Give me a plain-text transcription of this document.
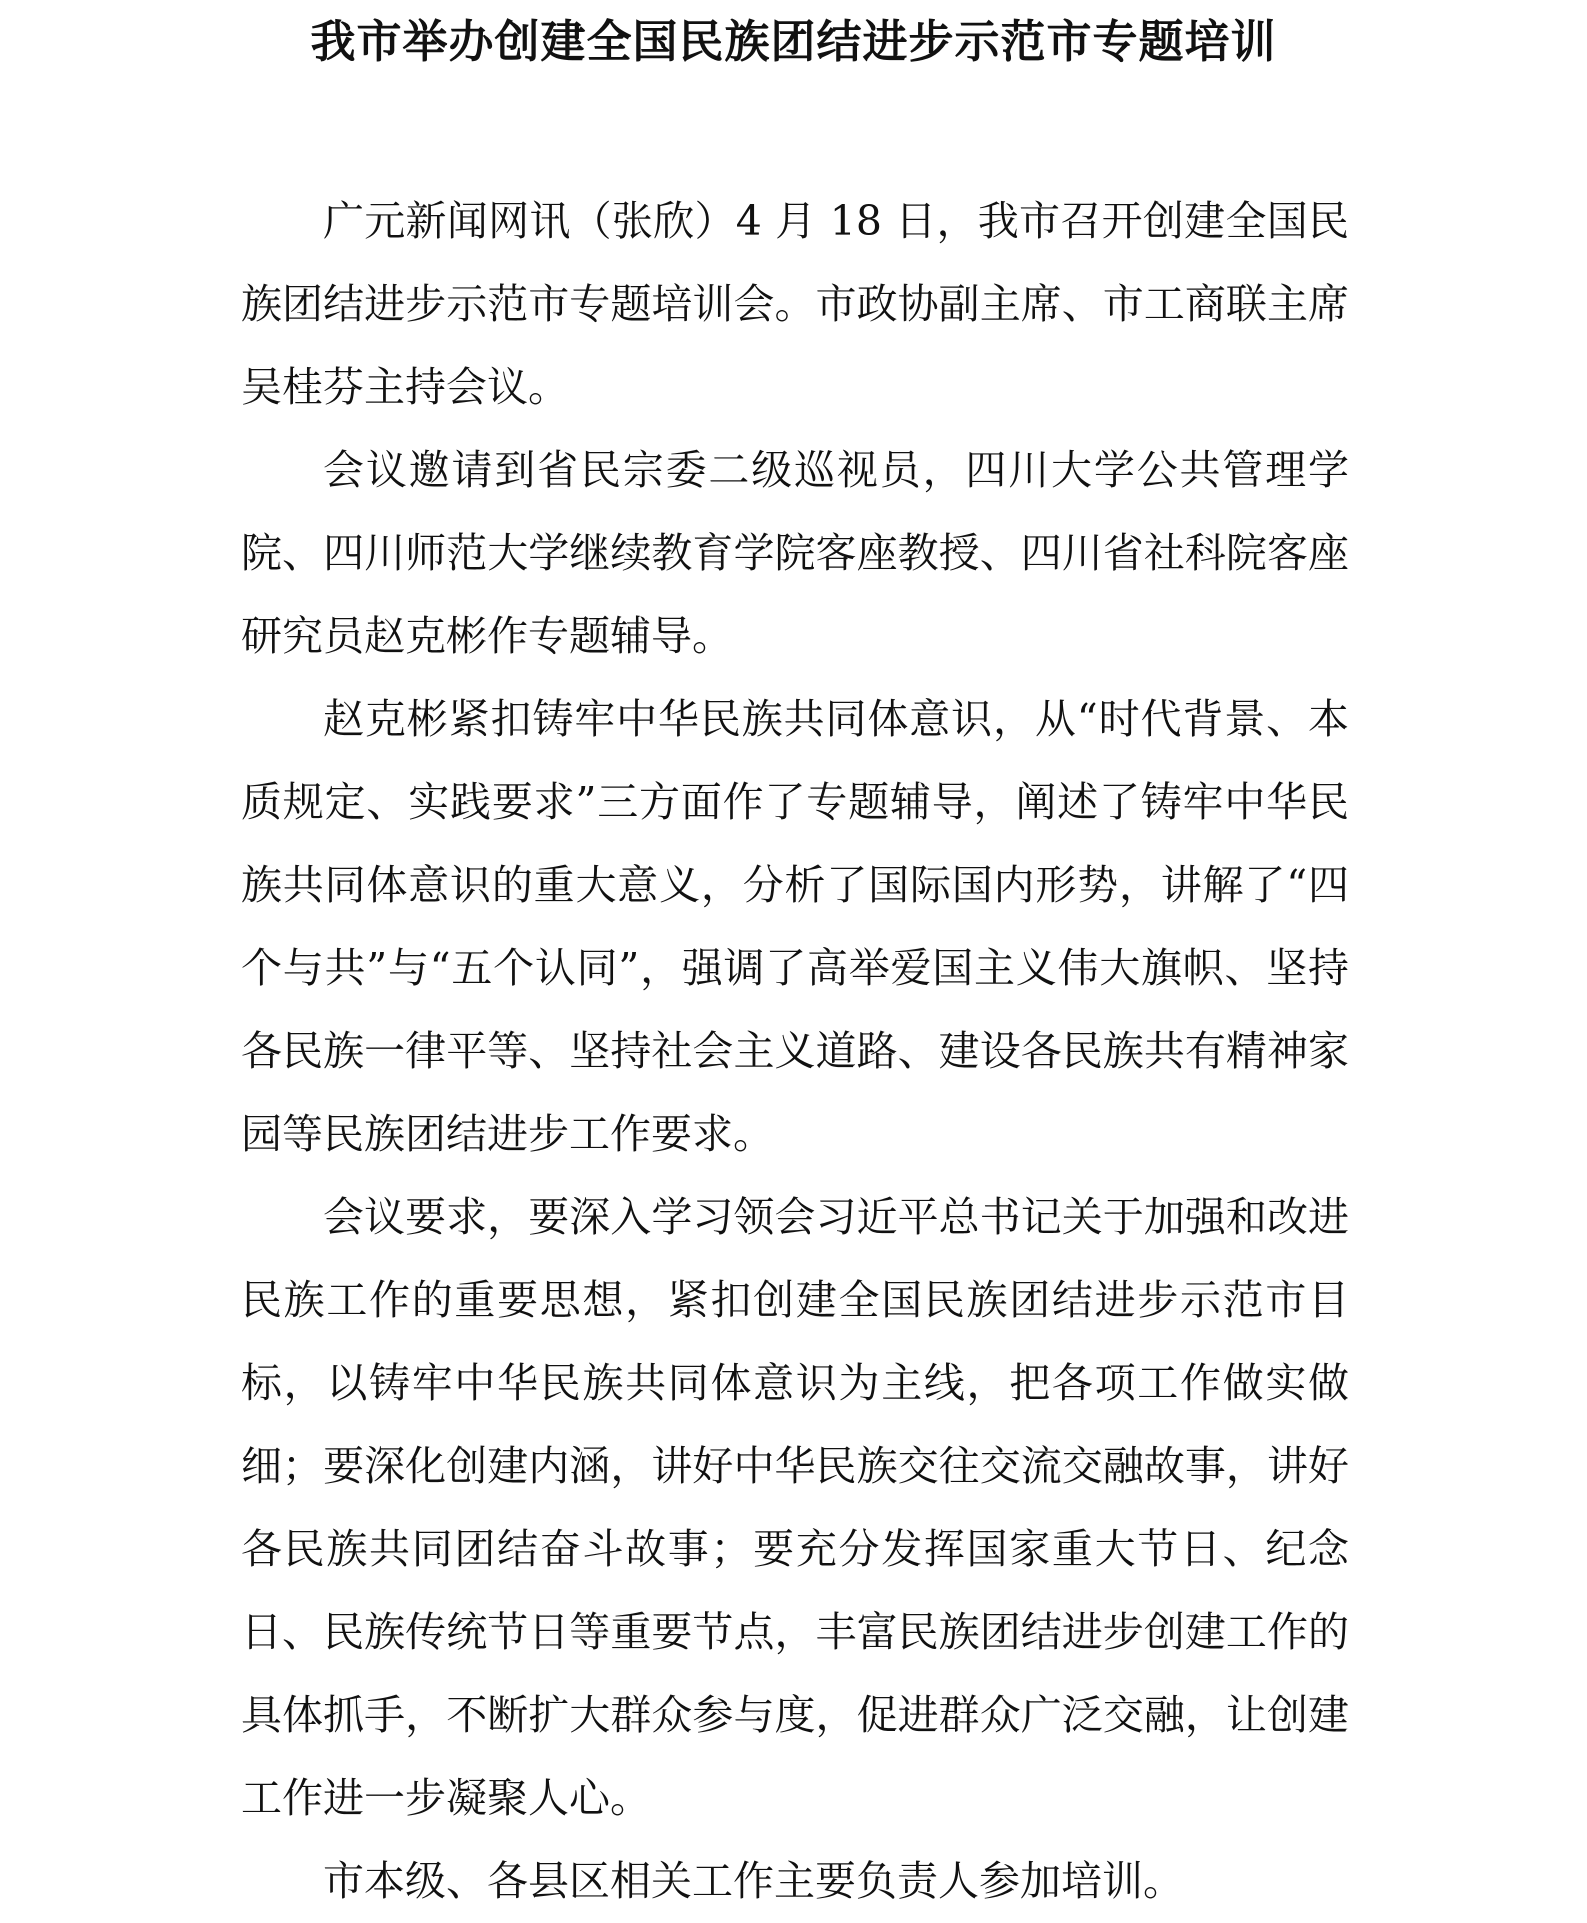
我市举办创建全国民族团结进步示范市专题培训

广元新闻网讯（张欣）4 月 18 日，我市召开创建全国民族团结进步示范市专题培训会。市政协副主席、市工商联主席吴桂芬主持会议。

会议邀请到省民宗委二级巡视员，四川大学公共管理学院、四川师范大学继续教育学院客座教授、四川省社科院客座研究员赵克彬作专题辅导。

赵克彬紧扣铸牢中华民族共同体意识，从“时代背景、本质规定、实践要求”三方面作了专题辅导，阐述了铸牢中华民族共同体意识的重大意义，分析了国际国内形势，讲解了“四个与共”与“五个认同”，强调了高举爱国主义伟大旗帜、坚持各民族一律平等、坚持社会主义道路、建设各民族共有精神家园等民族团结进步工作要求。

会议要求，要深入学习领会习近平总书记关于加强和改进民族工作的重要思想，紧扣创建全国民族团结进步示范市目标，以铸牢中华民族共同体意识为主线，把各项工作做实做细；要深化创建内涵，讲好中华民族交往交流交融故事，讲好各民族共同团结奋斗故事；要充分发挥国家重大节日、纪念日、民族传统节日等重要节点，丰富民族团结进步创建工作的具体抓手，不断扩大群众参与度，促进群众广泛交融，让创建工作进一步凝聚人心。

市本级、各县区相关工作主要负责人参加培训。
